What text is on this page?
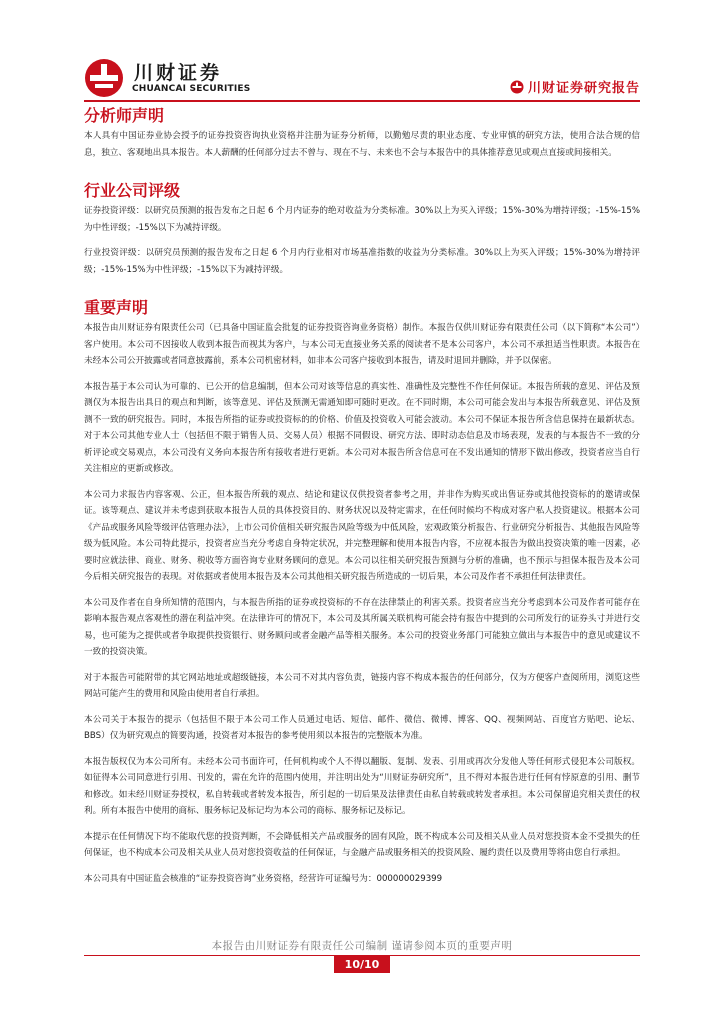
川财证券
CHUANCAI SECURITIES	川财证券研究报告
分析师声明

本人具有中国证券业协会授予的证券投资咨询执业资格并注册为证券分析师，以勤勉尽责的职业态度、专业审慎的研究方法，使用合法合规的信息，独立、客观地出具本报告。本人薪酬的任何部分过去不曾与、现在不与、未来也不会与本报告中的具体推荐意见或观点直接或间接相关。

行业公司评级

证券投资评级：以研究员预测的报告发布之日起 6 个月内证券的绝对收益为分类标准。30%以上为买入评级；15%-30%为增持评级；-15%-15%为中性评级；-15%以下为减持评级。

行业投资评级：以研究员预测的报告发布之日起 6 个月内行业相对市场基准指数的收益为分类标准。30%以上为买入评级；15%-30%为增持评级；-15%-15%为中性评级；-15%以下为减持评级。

重要声明

本报告由川财证券有限责任公司（已具备中国证监会批复的证券投资咨询业务资格）制作。本报告仅供川财证券有限责任公司（以下简称“本公司”）客户使用。本公司不因接收人收到本报告而视其为客户，与本公司无直接业务关系的阅读者不是本公司客户，本公司不承担适当性职责。本报告在未经本公司公开披露或者同意披露前，系本公司机密材料，如非本公司客户接收到本报告，请及时退回并删除，并予以保密。

本报告基于本公司认为可靠的、已公开的信息编制，但本公司对该等信息的真实性、准确性及完整性不作任何保证。本报告所载的意见、评估及预测仅为本报告出具日的观点和判断，该等意见、评估及预测无需通知即可随时更改。在不同时期，本公司可能会发出与本报告所载意见、评估及预测不一致的研究报告。同时，本报告所指的证券或投资标的的价格、价值及投资收入可能会波动。本公司不保证本报告所含信息保持在最新状态。对于本公司其他专业人士（包括但不限于销售人员、交易人员）根据不同假设、研究方法、即时动态信息及市场表现，发表的与本报告不一致的分析评论或交易观点，本公司没有义务向本报告所有接收者进行更新。本公司对本报告所含信息可在不发出通知的情形下做出修改，投资者应当自行关注相应的更新或修改。

本公司力求报告内容客观、公正，但本报告所载的观点、结论和建议仅供投资者参考之用，并非作为购买或出售证券或其他投资标的的邀请或保证。该等观点、建议并未考虑到获取本报告人员的具体投资目的、财务状况以及特定需求，在任何时候均不构成对客户私人投资建议。根据本公司《产品或服务风险等级评估管理办法》，上市公司价值相关研究报告风险等级为中低风险，宏观政策分析报告、行业研究分析报告、其他报告风险等级为低风险。本公司特此提示，投资者应当充分考虑自身特定状况，并完整理解和使用本报告内容，不应视本报告为做出投资决策的唯一因素，必要时应就法律、商业、财务、税收等方面咨询专业财务顾问的意见。本公司以往相关研究报告预测与分析的准确，也不预示与担保本报告及本公司今后相关研究报告的表现。对依据或者使用本报告及本公司其他相关研究报告所造成的一切后果，本公司及作者不承担任何法律责任。

本公司及作者在自身所知情的范围内，与本报告所指的证券或投资标的不存在法律禁止的利害关系。投资者应当充分考虑到本公司及作者可能存在影响本报告观点客观性的潜在利益冲突。在法律许可的情况下，本公司及其所属关联机构可能会持有报告中提到的公司所发行的证券头寸并进行交易，也可能为之提供或者争取提供投资银行、财务顾问或者金融产品等相关服务。本公司的投资业务部门可能独立做出与本报告中的意见或建议不一致的投资决策。

对于本报告可能附带的其它网站地址或超级链接，本公司不对其内容负责，链接内容不构成本报告的任何部分，仅为方便客户查阅所用，浏览这些网站可能产生的费用和风险由使用者自行承担。

本公司关于本报告的提示（包括但不限于本公司工作人员通过电话、短信、邮件、微信、微博、博客、QQ、视频网站、百度官方贴吧、论坛、BBS）仅为研究观点的简要沟通，投资者对本报告的参考使用须以本报告的完整版本为准。

本报告版权仅为本公司所有。未经本公司书面许可，任何机构或个人不得以翻版、复制、发表、引用或再次分发他人等任何形式侵犯本公司版权。如征得本公司同意进行引用、刊发的，需在允许的范围内使用，并注明出处为“川财证券研究所”，且不得对本报告进行任何有悖原意的引用、删节和修改。如未经川财证券授权，私自转载或者转发本报告，所引起的一切后果及法律责任由私自转载或转发者承担。本公司保留追究相关责任的权利。所有本报告中使用的商标、服务标记及标记均为本公司的商标、服务标记及标记。

本提示在任何情况下均不能取代您的投资判断，不会降低相关产品或服务的固有风险，既不构成本公司及相关从业人员对您投资本金不受损失的任何保证，也不构成本公司及相关从业人员对您投资收益的任何保证，与金融产品或服务相关的投资风险、履约责任以及费用等将由您自行承担。

本公司具有中国证监会核准的“证券投资咨询”业务资格，经营许可证编号为：000000029399

本报告由川财证券有限责任公司编制 谨请参阅本页的重要声明
10/10
